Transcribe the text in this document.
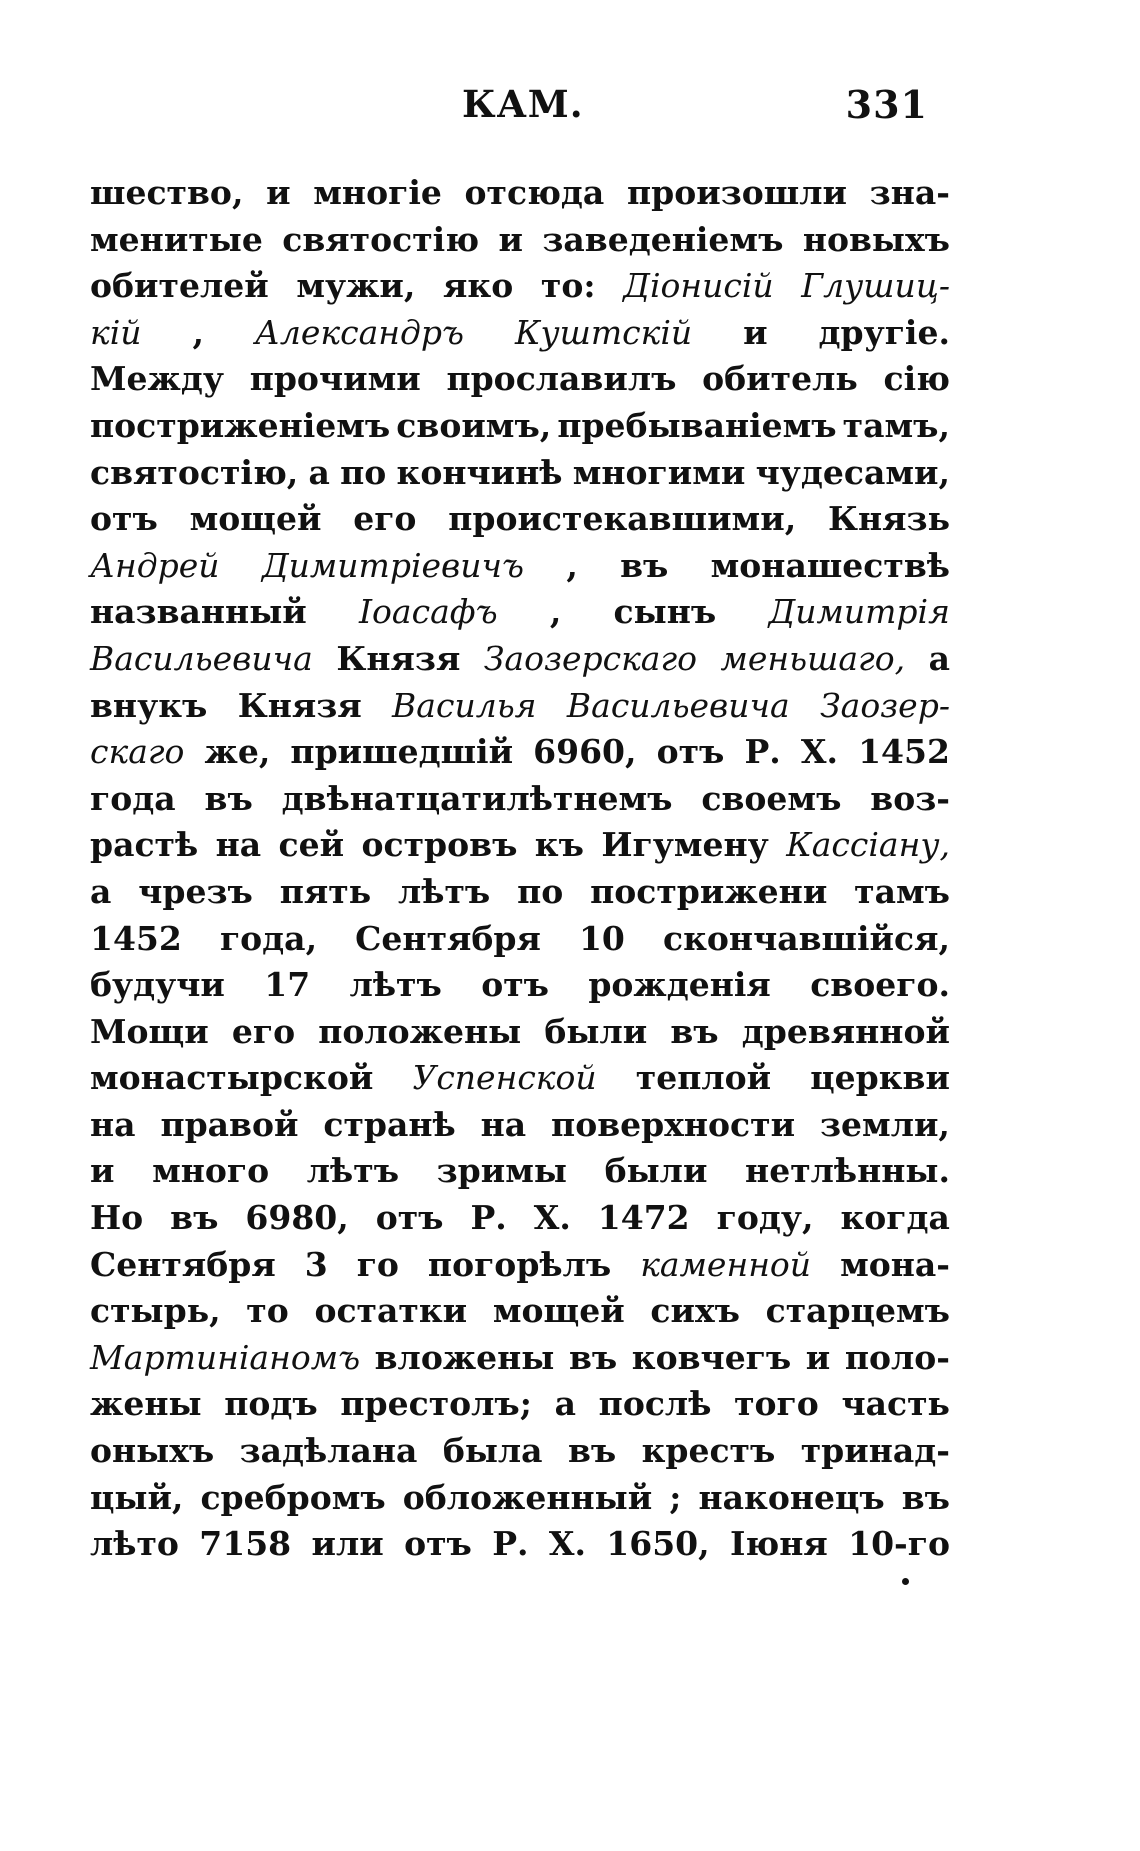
КАМ.	331
шество, и многіе отсюда произошли зна-
менитые святостію и заведеніемъ новыхъ
обителей мужи, яко то: Діонисій Глушиц-
кій , Александръ Куштскій и другіе.
Между прочими прославилъ обитель сію
постриженіемъ своимъ, пребываніемъ тамъ,
святостію, а по кончинѣ многими чудесами,
отъ мощей его проистекавшими, Князь
Андрей Димитріевичъ , въ монашествѣ
названный Іоасафъ , сынъ Димитрія
Васильевича Князя Заозерскаго меньшаго, а
внукъ Князя Василья Васильевича Заозер-
скаго же, пришедшій 6960, отъ Р. Х. 1452
года въ двѣнатцатилѣтнемъ своемъ воз-
растѣ на сей островъ къ Игумену Кассіану,
а чрезъ пять лѣтъ по пострижени тамъ
1452 года, Сентября 10 скончавшійся,
будучи 17 лѣтъ отъ рожденія своего.
Мощи его положены были въ древянной
монастырской Успенской теплой церкви
на правой странѣ на поверхности земли,
и много лѣтъ зримы были нетлѣнны.
Но въ 6980, отъ Р. Х. 1472 году, когда
Сентября 3 го погорѣлъ каменной мона-
стырь, то остатки мощей сихъ старцемъ
Мартиніаномъ вложены въ ковчегъ и поло-
жены подъ престолъ; а послѣ того часть
оныхъ задѣлана была въ крестъ тринад-
цый, сребромъ обложенный ; наконецъ въ
лѣто 7158 или отъ Р. Х. 1650, Іюня 10-го
